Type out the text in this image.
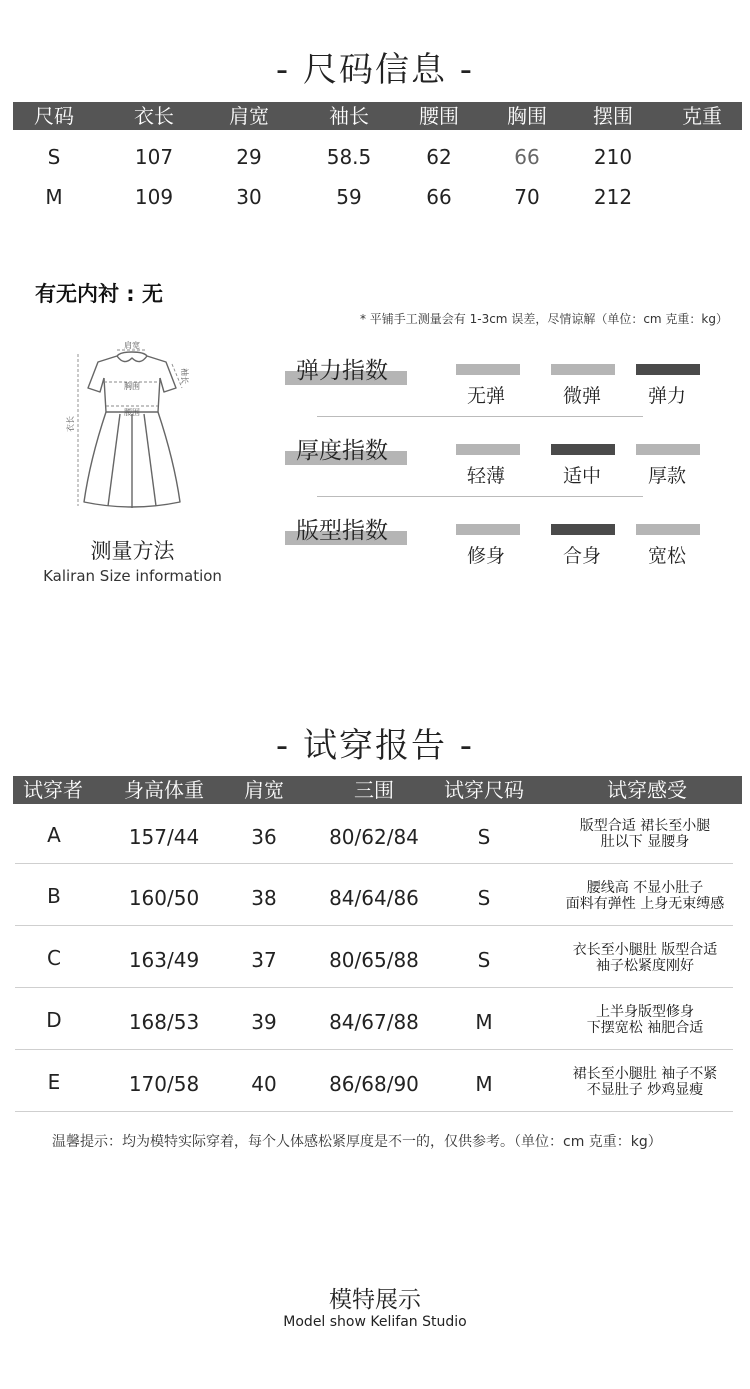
- 尺码信息 -
尺码	衣长	肩宽	袖长	腰围 胸围 摆围 克重
S	107	29	58.5	62	66	210
M	109	30	59	66	70	212
有无内衬 : 无
* 平铺手工测量会有 1-3cm 误差，尽情谅解（单位：cm 克重：kg）
肩宽
胸围
腰围
衣长
袖长
测量方法
Kaliran Size information
弹力指数
无弹	微弹	弹力
厚度指数
轻薄	适中	厚款
版型指数
修身	合身	宽松
- 试穿报告 -
试穿者 身高体重 肩宽	三围	试穿尺码	试穿感受
A	157/44	36	80/62/84	S	版型合适 裙长至小腿
肚以下 显腰身
B	160/50	38	84/64/86	S	腰线高 不显小肚子
面料有弹性 上身无束缚感
C	163/49	37	80/65/88	S	衣长至小腿肚 版型合适
袖子松紧度刚好
D	168/53	39	84/67/88	M	上半身版型修身
下摆宽松 袖肥合适
E	170/58	40	86/68/90	M	裙长至小腿肚 袖子不紧
不显肚子 炒鸡显瘦
温馨提示：均为模特实际穿着，每个人体感松紧厚度是不一的，仅供参考。（单位：cm 克重：kg）
模特展示
Model show Kelifan Studio
